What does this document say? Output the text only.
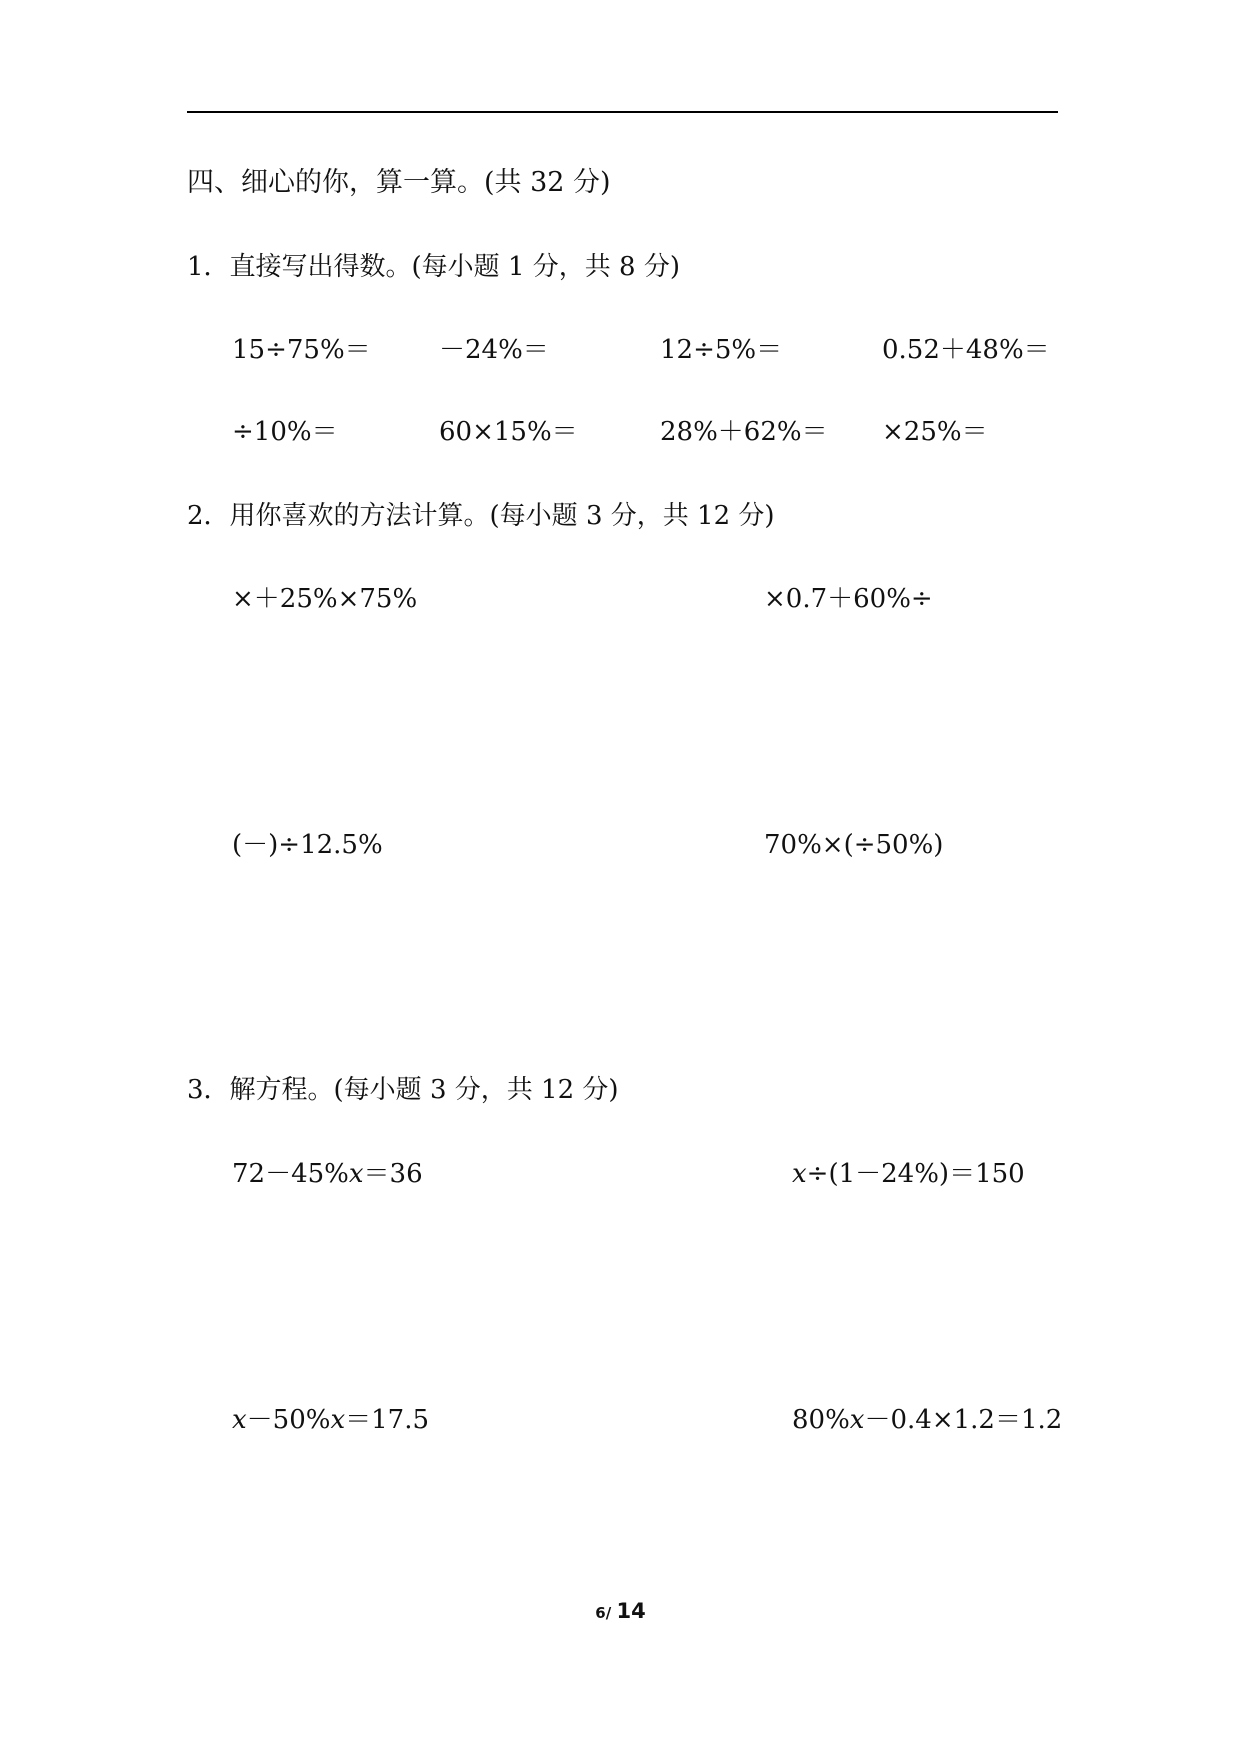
四、细心的你，算一算。(共 32 分)
1．直接写出得数。(每小题 1 分，共 8 分)
15÷75%＝	－24%＝	12÷5%＝	0.52＋48%＝
÷10%＝	60×15%＝	28%＋62%＝ ×25%＝
2．用你喜欢的方法计算。(每小题 3 分，共 12 分)
×＋25%×75%	×0.7＋60%÷
(－)÷12.5%	70%×(÷50%)
3．解方程。(每小题 3 分，共 12 分)
72－45%x＝36	x÷(1－24%)＝150
x－50%x＝17.5	80%x－0.4×1.2＝1.2
6/ 14
